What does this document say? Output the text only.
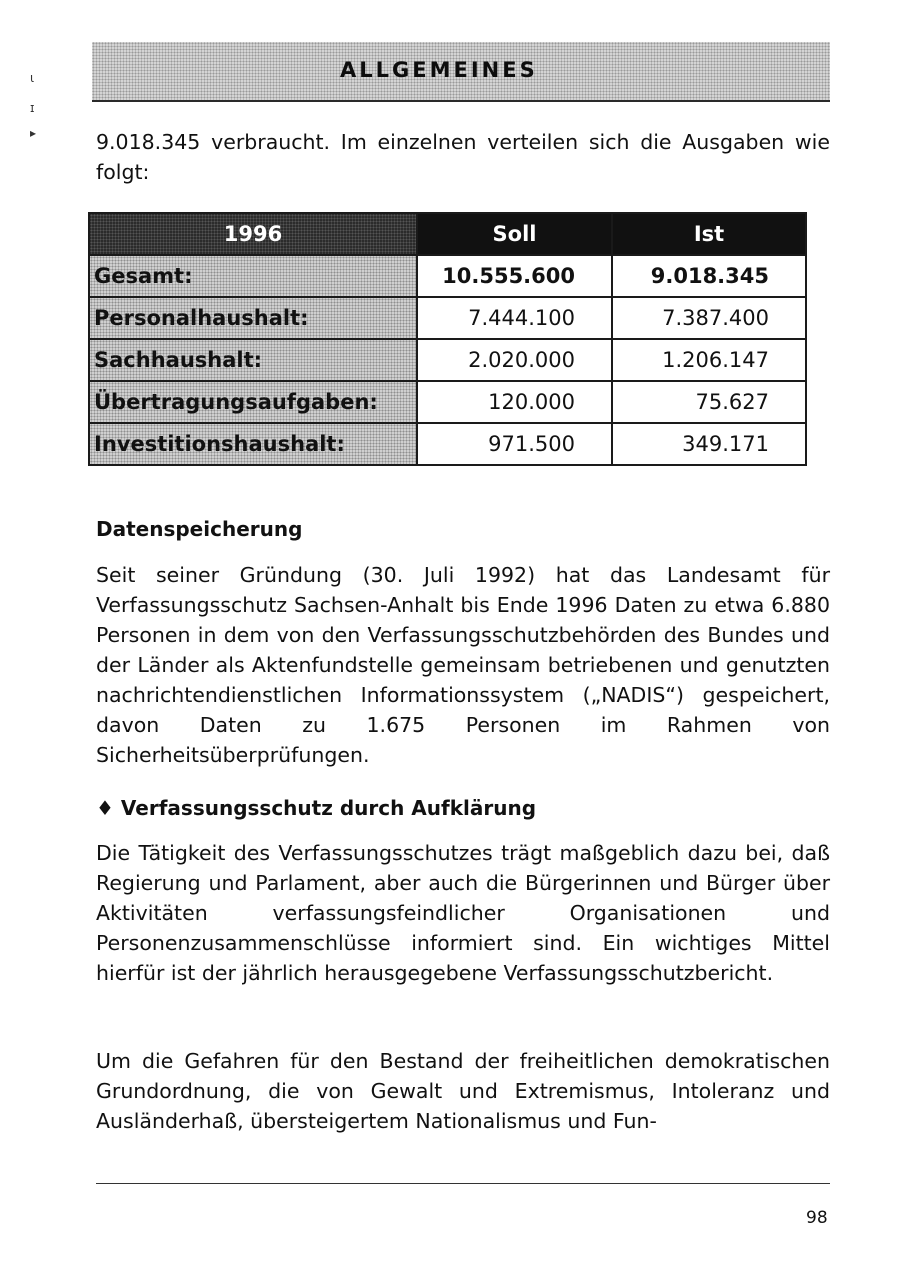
ALLGEMEINES
ɩ
ɪ
▸	9.018.345 verbraucht. Im einzelnen verteilen sich die Ausgaben wie folgt:

1996	Soll	Ist
Gesamt:	10.555.600	9.018.345
Personalhaushalt:	7.444.100	7.387.400
Sachhaushalt:	2.020.000	1.206.147
Übertragungsaufgaben:	120.000	75.627
Investitionshaushalt:	971.500	349.171
Datenspeicherung

Seit seiner Gründung (30. Juli 1992) hat das Landesamt für Verfassungsschutz Sachsen-Anhalt bis Ende 1996 Daten zu etwa 6.880 Personen in dem von den Verfassungsschutzbehörden des Bundes und der Länder als Aktenfundstelle gemeinsam betriebenen und genutzten nachrichtendienstlichen Informationssystem („NADIS“) gespeichert, davon Daten zu 1.675 Personen im Rahmen von Sicherheitsüberprüfungen.

♦ Verfassungsschutz durch Aufklärung

Die Tätigkeit des Verfassungsschutzes trägt maßgeblich dazu bei, daß Regierung und Parlament, aber auch die Bürgerinnen und Bürger über Aktivitäten verfassungsfeindlicher Organisationen und Personenzusammenschlüsse informiert sind. Ein wichtiges Mittel hierfür ist der jährlich herausgegebene Verfassungsschutzbericht.

Um die Gefahren für den Bestand der freiheitlichen demokratischen Grundordnung, die von Gewalt und Extremismus, Intoleranz und Ausländerhaß, übersteigertem Nationalismus und Fun-

98
